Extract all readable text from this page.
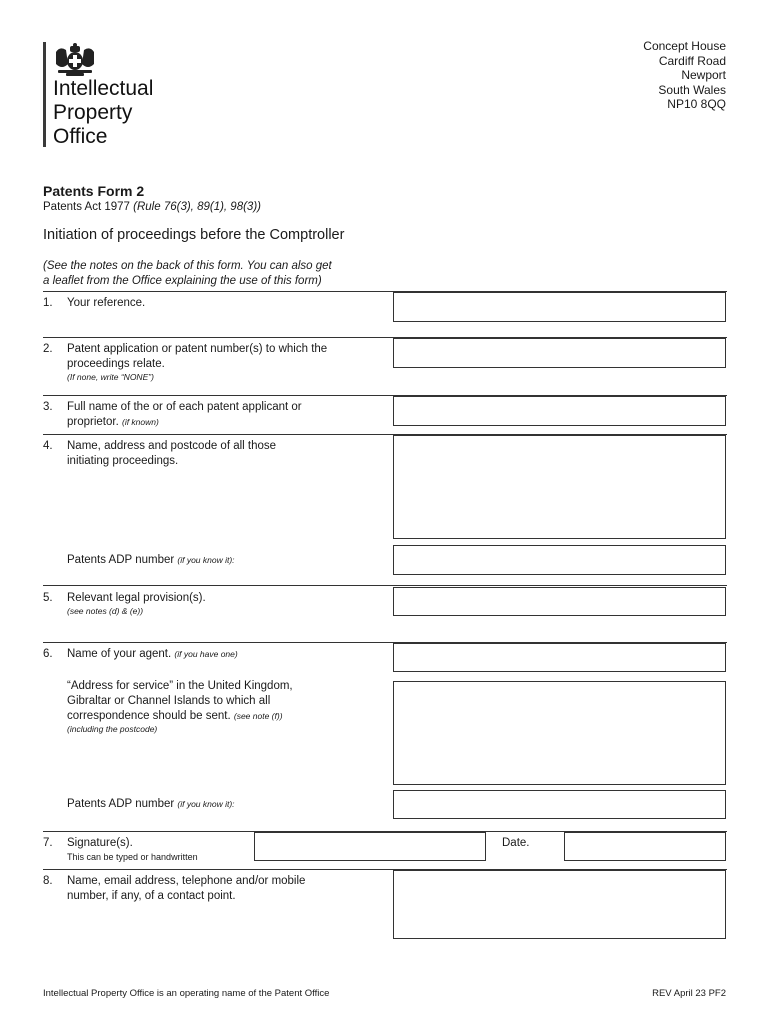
Intellectual
Property
Office
Concept House
Cardiff Road
Newport
South Wales
NP10 8QQ
Patents Form 2
Patents Act 1977 (Rule 76(3), 89(1), 98(3))
Initiation of proceedings before the Comptroller
(See the notes on the back of this form. You can also get
a leaflet from the Office explaining the use of this form)
1. Your reference.
2. Patent application or patent number(s) to which the
proceedings relate.
(If none, write “NONE”)
3. Full name of the or of each patent applicant or
proprietor. (if known)
4. Name, address and postcode of all those
initiating proceedings.
Patents ADP number (if you know it):
5. Relevant legal provision(s).
(see notes (d) & (e))
6. Name of your agent. (if you have one)
“Address for service” in the United Kingdom,
Gibraltar or Channel Islands to which all
correspondence should be sent. (see note (f))
(including the postcode)
Patents ADP number (if you know it):
7. Signature(s).
This can be typed or handwritten
Date.
8. Name, email address, telephone and/or mobile
number, if any, of a contact point.
Intellectual Property Office is an operating name of the Patent Office	REV April 23 PF2
